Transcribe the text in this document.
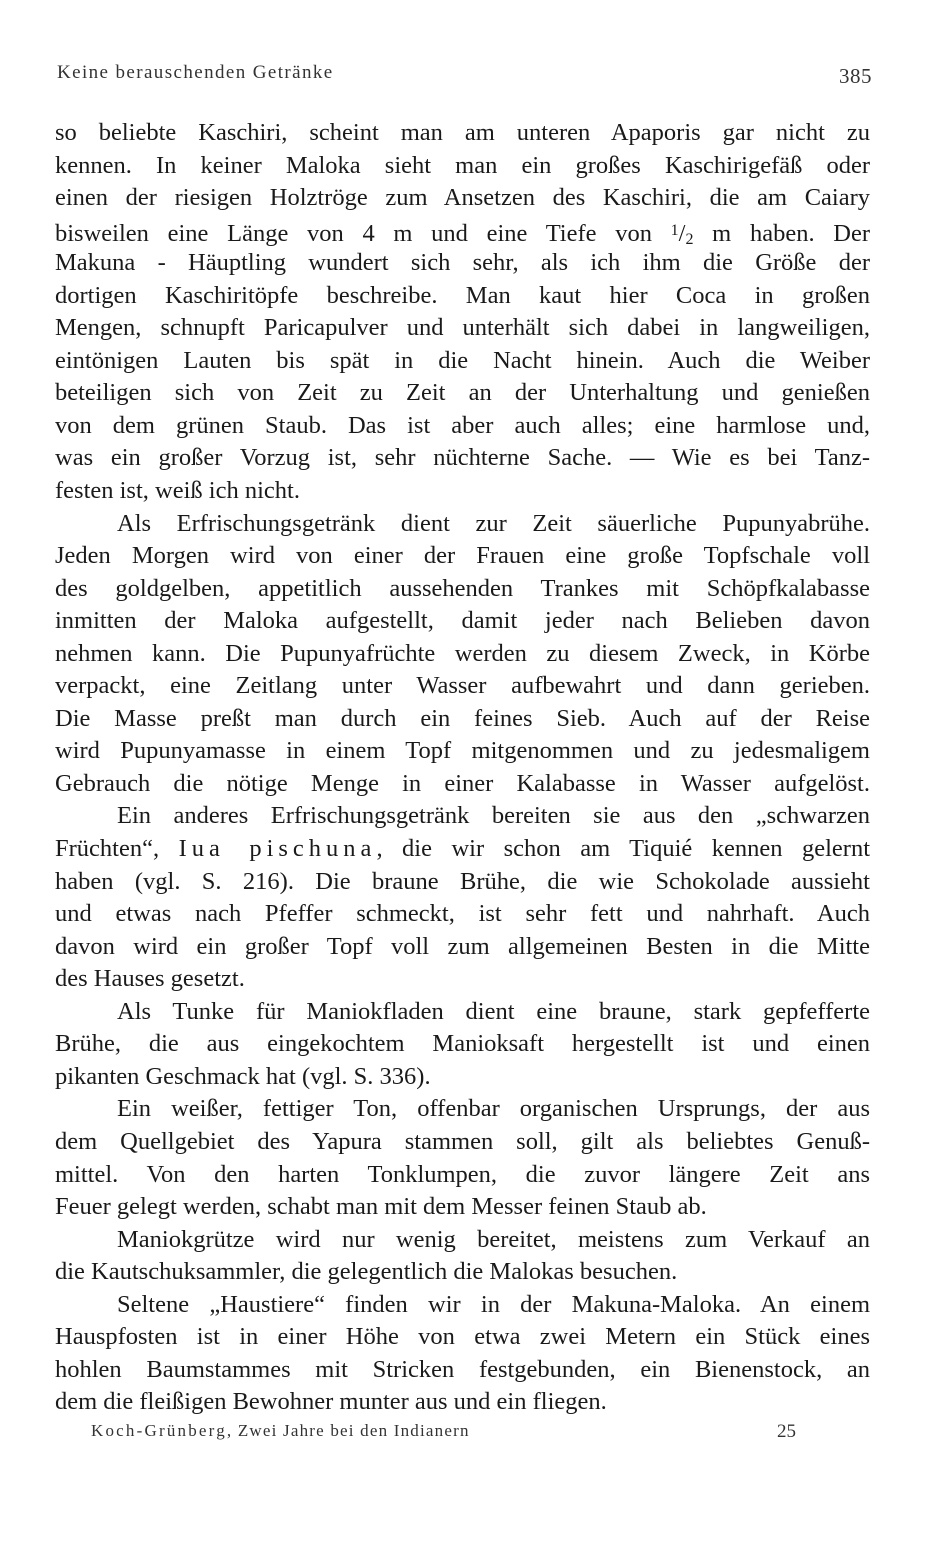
Keine berauschenden Getränke	385
so beliebte Kaschiri, scheint man am unteren Apaporis gar nicht zu
kennen. In keiner Maloka sieht man ein großes Kaschirigefäß oder
einen der riesigen Holztröge zum Ansetzen des Kaschiri, die am Caiary
bisweilen eine Länge von 4 m und eine Tiefe von $^1$/2 m haben. Der
Makuna - Häuptling wundert sich sehr, als ich ihm die Größe der
dortigen Kaschiritöpfe beschreibe. Man kaut hier Coca in großen
Mengen, schnupft Paricapulver und unterhält sich dabei in langweiligen,
eintönigen Lauten bis spät in die Nacht hinein. Auch die Weiber
beteiligen sich von Zeit zu Zeit an der Unterhaltung und genießen
von dem grünen Staub. Das ist aber auch alles; eine harmlose und,
was ein großer Vorzug ist, sehr nüchterne Sache. — Wie es bei Tanz-
festen ist, weiß ich nicht.
Als Erfrischungsgetränk dient zur Zeit säuerliche Pupunyabrühe.
Jeden Morgen wird von einer der Frauen eine große Topfschale voll
des goldgelben, appetitlich aussehenden Trankes mit Schöpfkalabasse
inmitten der Maloka aufgestellt, damit jeder nach Belieben davon
nehmen kann. Die Pupunyafrüchte werden zu diesem Zweck, in Körbe
verpackt, eine Zeitlang unter Wasser aufbewahrt und dann gerieben.
Die Masse preßt man durch ein feines Sieb. Auch auf der Reise
wird Pupunyamasse in einem Topf mitgenommen und zu jedesmaligem
Gebrauch die nötige Menge in einer Kalabasse in Wasser aufgelöst.
Ein anderes Erfrischungsgetränk bereiten sie aus den „schwarzen
Früchten“, Iua pischuna, die wir schon am Tiquié kennen gelernt
haben (vgl. S. 216). Die braune Brühe, die wie Schokolade aussieht
und etwas nach Pfeffer schmeckt, ist sehr fett und nahrhaft. Auch
davon wird ein großer Topf voll zum allgemeinen Besten in die Mitte
des Hauses gesetzt.
Als Tunke für Maniokfladen dient eine braune, stark gepfefferte
Brühe, die aus eingekochtem Manioksaft hergestellt ist und einen
pikanten Geschmack hat (vgl. S. 336).
Ein weißer, fettiger Ton, offenbar organischen Ursprungs, der aus
dem Quellgebiet des Yapura stammen soll, gilt als beliebtes Genuß-
mittel. Von den harten Tonklumpen, die zuvor längere Zeit ans
Feuer gelegt werden, schabt man mit dem Messer feinen Staub ab.
Maniokgrütze wird nur wenig bereitet, meistens zum Verkauf an
die Kautschuksammler, die gelegentlich die Malokas besuchen.
Seltene „Haustiere“ finden wir in der Makuna-Maloka. An einem
Hauspfosten ist in einer Höhe von etwa zwei Metern ein Stück eines
hohlen Baumstammes mit Stricken festgebunden, ein Bienenstock, an
dem die fleißigen Bewohner munter aus und ein fliegen.
Koch-Grünberg, Zwei Jahre bei den Indianern	25
